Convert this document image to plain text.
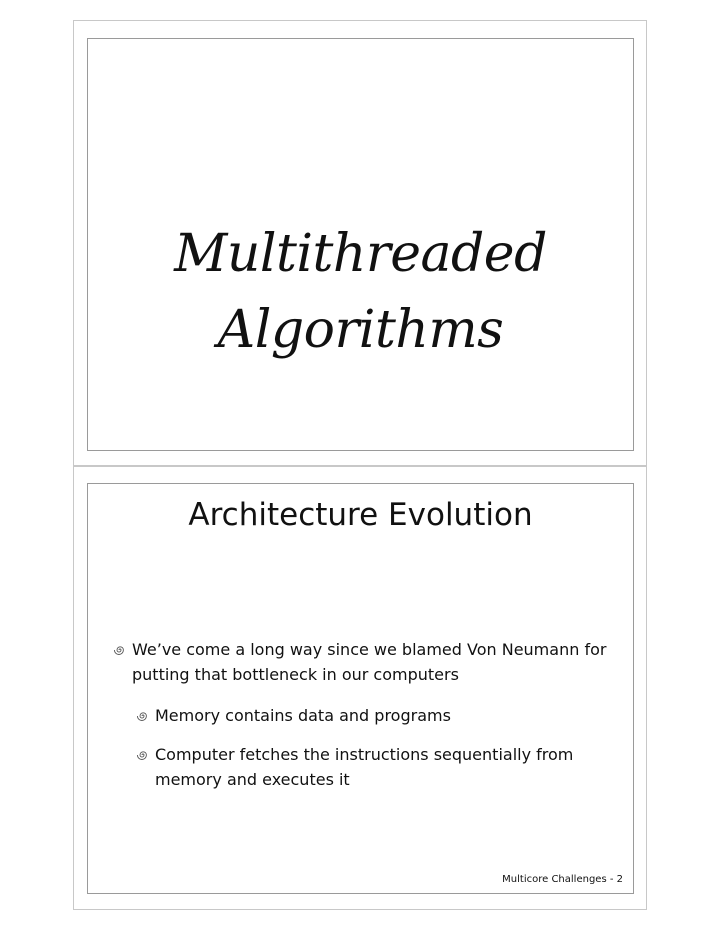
Multithreaded
Algorithms
Architecture Evolution
We’ve come a long way since we blamed Von Neumann for putting that bottleneck in our computers
Memory contains data and programs
Computer fetches the instructions sequentially from memory and executes it
Multicore Challenges - 2
